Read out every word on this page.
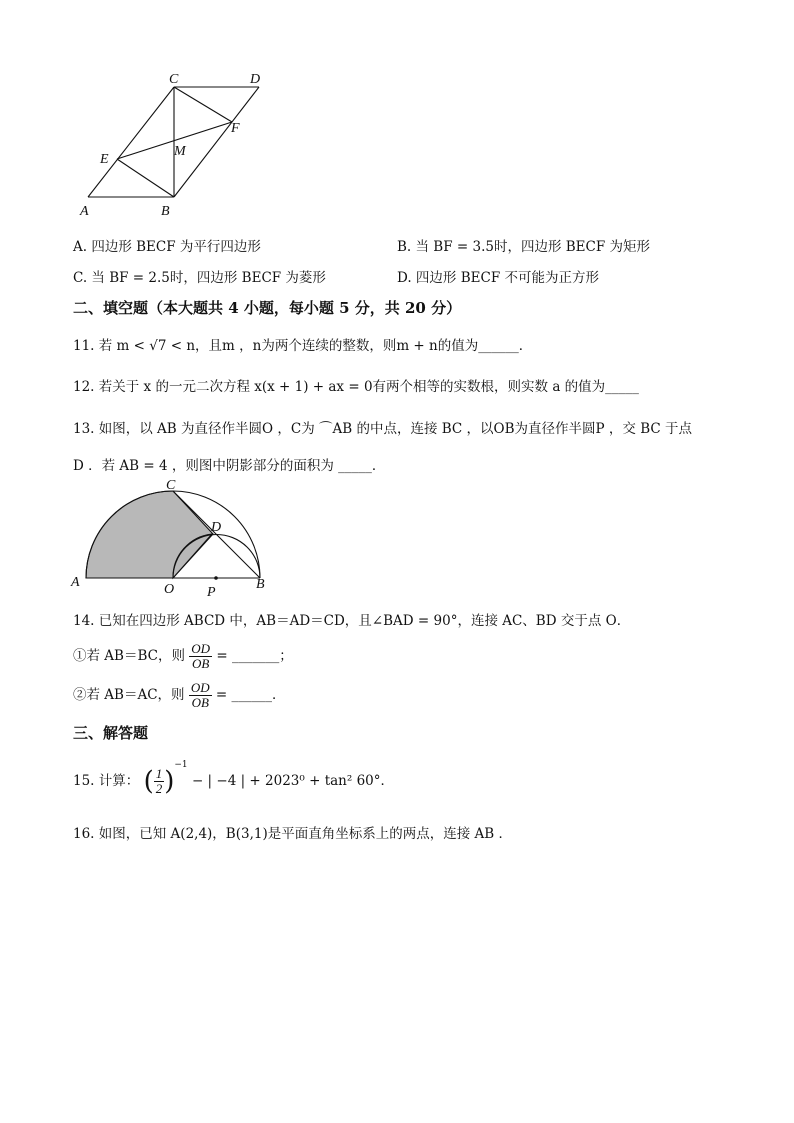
C	D
F
M
E
A	B
A. 四边形 BECF 为平行四边形	B. 当 BF = 3.5时，四边形 BECF 为矩形
C. 当 BF = 2.5时，四边形 BECF 为菱形	D. 四边形 BECF 不可能为正方形
二、填空题（本大题共 4 小题，每小题 5 分，共 20 分）
11. 若 m < √7 < n，且m ，n为两个连续的整数，则m + n的值为______．
12. 若关于 x 的一元二次方程 x(x + 1) + ax = 0有两个相等的实数根，则实数 a 的值为_____
13. 如图，以 AB 为直径作半圆O ，C为 ⌒AB 的中点，连接 BC ，以OB为直径作半圆P ，交 BC 于点
D ．若 AB = 4 ，则图中阴影部分的面积为 _____．
C
D
A	B
O P
14. 已知在四边形 ABCD 中，AB＝AD＝CD，且∠BAD = 90°，连接 AC、BD 交于点 O．
①若 AB＝BC，则 $\frac{OD}{OB}$ = _______；
②若 AB＝AC，则 $\frac{OD}{OB}$ = ______．
三、解答题
15. 计算： ( $\frac{1}{2} )^{-1}$ − | −4 | + 2023⁰ + tan² 60°．
16. 如图，已知 A(2,4)，B(3,1)是平面直角坐标系上的两点，连接 AB ．
